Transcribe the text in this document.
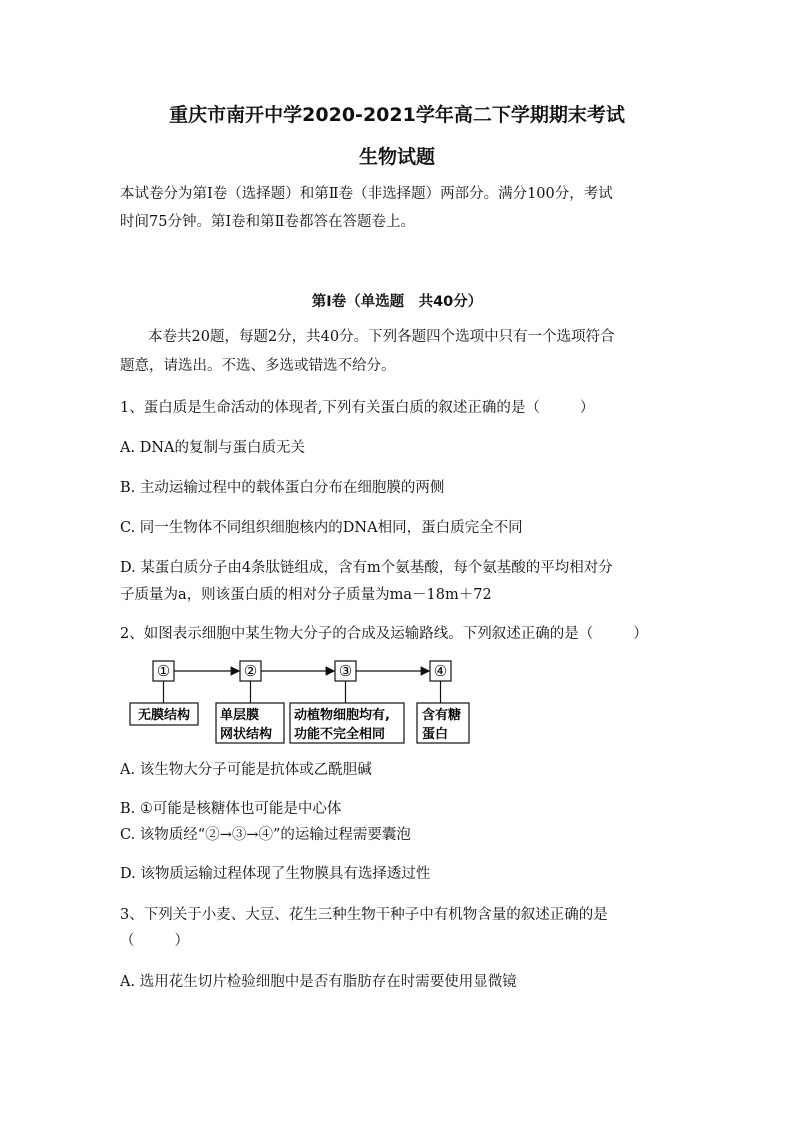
重庆市南开中学2020-2021学年高二下学期期末考试
生物试题
本试卷分为第Ⅰ卷（选择题）和第Ⅱ卷（非选择题）两部分。满分100分，考试
时间75分钟。第Ⅰ卷和第Ⅱ卷都答在答题卷上。
第Ⅰ卷（单选题　共40分）
本卷共20题，每题2分，共40分。下列各题四个选项中只有一个选项符合
题意，请选出。不选、多选或错选不给分。
1、蛋白质是生命活动的体现者,下列有关蛋白质的叙述正确的是（	）
A. DNA的复制与蛋白质无关
B. 主动运输过程中的载体蛋白分布在细胞膜的两侧
C. 同一生物体不同组织细胞核内的DNA相同，蛋白质完全不同
D. 某蛋白质分子由4条肽链组成，含有m个氨基酸，每个氨基酸的平均相对分
子质量为a，则该蛋白质的相对分子质量为ma－18m＋72
2、如图表示细胞中某生物大分子的合成及运输路线。下列叙述正确的是（	）
①	②	③	④
无膜结构 单层膜
网状结构
动植物细胞均有,
功能不完全相同
含有糖
蛋白
A. 该生物大分子可能是抗体或乙酰胆碱
B. ①可能是核糖体也可能是中心体
C. 该物质经“②→③→④”的运输过程需要囊泡
D. 该物质运输过程体现了生物膜具有选择透过性
3、下列关于小麦、大豆、花生三种生物干种子中有机物含量的叙述正确的是
（	）
A. 选用花生切片检验细胞中是否有脂肪存在时需要使用显微镜
